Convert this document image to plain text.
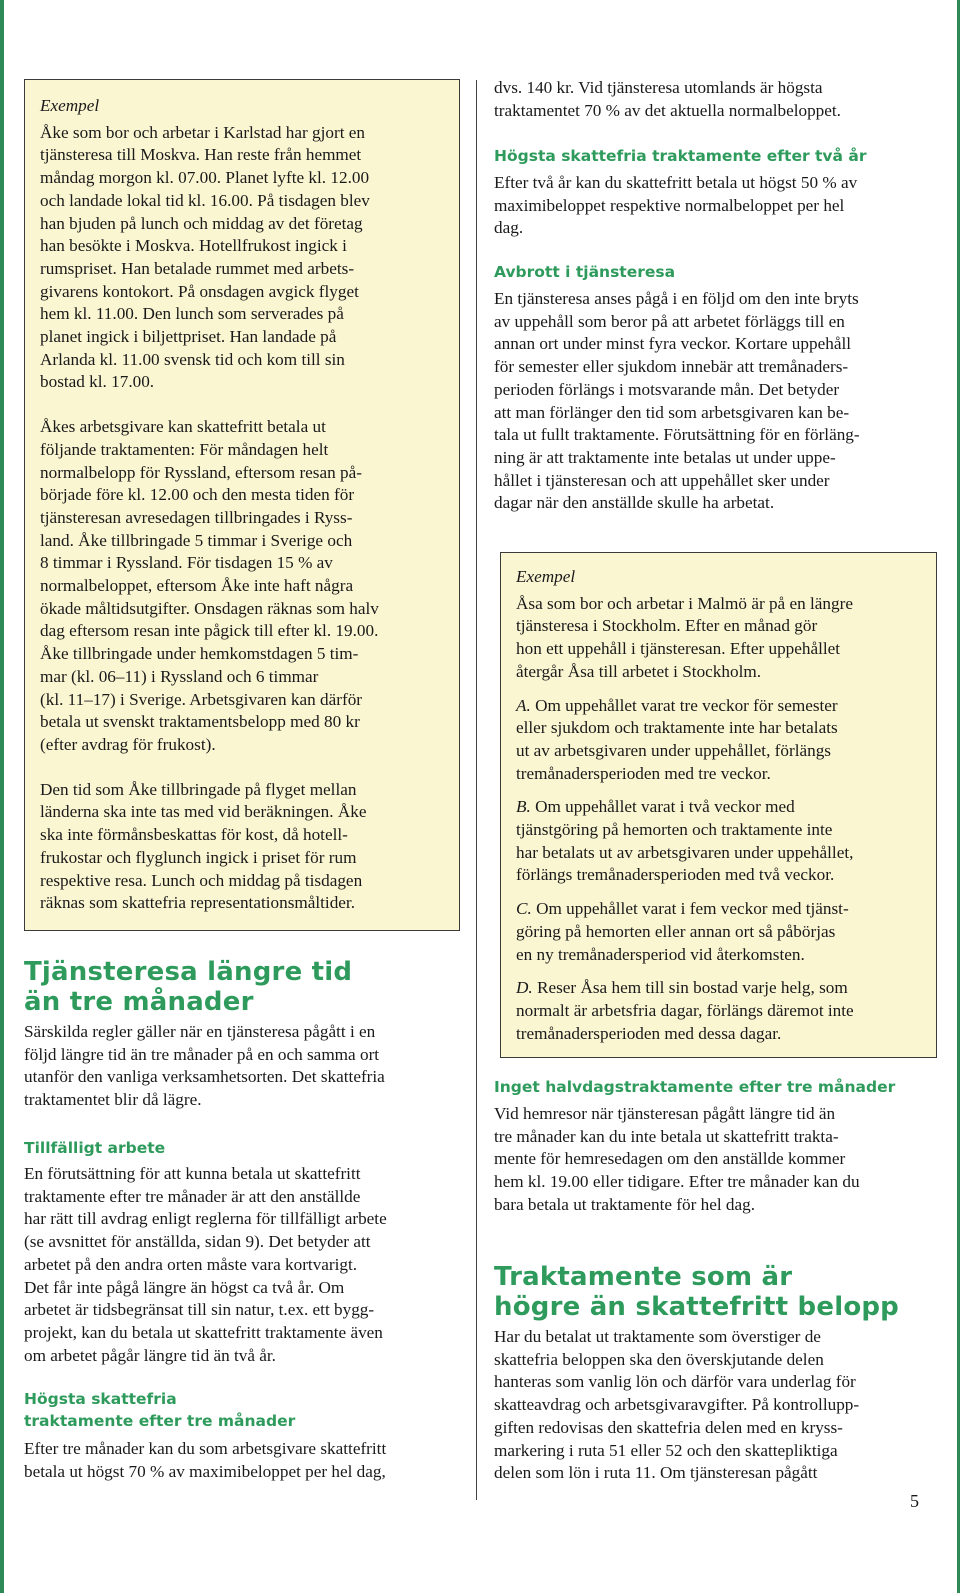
Exempel

Åke som bor och arbetar i Karlstad har gjort en
tjänsteresa till Moskva. Han reste från hemmet
måndag morgon kl. 07.00. Planet lyfte kl. 12.00
och landade lokal tid kl. 16.00. På tisdagen blev
han bjuden på lunch och middag av det företag
han besökte i Moskva. Hotellfrukost ingick i
rumspriset. Han betalade rummet med arbets-
givarens kontokort. På onsdagen avgick flyget
hem kl. 11.00. Den lunch som serverades på
planet ingick i biljettpriset. Han landade på
Arlanda kl. 11.00 svensk tid och kom till sin
bostad kl. 17.00.

Åkes arbetsgivare kan skattefritt betala ut
följande traktamenten: För måndagen helt
normalbelopp för Ryssland, eftersom resan på-
började före kl. 12.00 och den mesta tiden för
tjänsteresan avresedagen tillbringades i Ryss-
land. Åke tillbringade 5 timmar i Sverige och
8 timmar i Ryssland. För tisdagen 15 % av
normalbeloppet, eftersom Åke inte haft några
ökade måltidsutgifter. Onsdagen räknas som halv
dag eftersom resan inte pågick till efter kl. 19.00.
Åke tillbringade under hemkomstdagen 5 tim-
mar (kl. 06–11) i Ryssland och 6 timmar
(kl. 11–17) i Sverige. Arbetsgivaren kan därför
betala ut svenskt traktamentsbelopp med 80 kr
(efter avdrag för frukost).

Den tid som Åke tillbringade på flyget mellan
länderna ska inte tas med vid beräkningen. Åke
ska inte förmånsbeskattas för kost, då hotell-
frukostar och flyglunch ingick i priset för rum
respektive resa. Lunch och middag på tisdagen
räknas som skattefria representationsmåltider.

Tjänsteresa längre tid
än tre månader

Särskilda regler gäller när en tjänsteresa pågått i en
följd längre tid än tre månader på en och samma ort
utanför den vanliga verksamhetsorten. Det skattefria
traktamentet blir då lägre.

Tillfälligt arbete

En förutsättning för att kunna betala ut skattefritt
traktamente efter tre månader är att den anställde
har rätt till avdrag enligt reglerna för tillfälligt arbete
(se avsnittet för anställda, sidan 9). Det betyder att
arbetet på den andra orten måste vara kortvarigt.
Det får inte pågå längre än högst ca två år. Om
arbetet är tidsbegränsat till sin natur, t.ex. ett bygg-
projekt, kan du betala ut skattefritt traktamente även
om arbetet pågår längre tid än två år.

Högsta skattefria
traktamente efter tre månader

Efter tre månader kan du som arbetsgivare skattefritt
betala ut högst 70 % av maximibeloppet per hel dag,

dvs. 140 kr. Vid tjänsteresa utomlands är högsta
traktamentet 70 % av det aktuella normalbeloppet.

Högsta skattefria traktamente efter två år

Efter två år kan du skattefritt betala ut högst 50 % av
maximibeloppet respektive normalbeloppet per hel
dag.

Avbrott i tjänsteresa

En tjänsteresa anses pågå i en följd om den inte bryts
av uppehåll som beror på att arbetet förläggs till en
annan ort under minst fyra veckor. Kortare uppehåll
för semester eller sjukdom innebär att tremånaders-
perioden förlängs i motsvarande mån. Det betyder
att man förlänger den tid som arbetsgivaren kan be-
tala ut fullt traktamente. Förutsättning för en förläng-
ning är att traktamente inte betalas ut under uppe-
hållet i tjänsteresan och att uppehållet sker under
dagar när den anställde skulle ha arbetat.

Exempel

Åsa som bor och arbetar i Malmö är på en längre
tjänsteresa i Stockholm. Efter en månad gör
hon ett uppehåll i tjänsteresan. Efter uppehållet
återgår Åsa till arbetet i Stockholm.

A. Om uppehållet varat tre veckor för semester
eller sjukdom och traktamente inte har betalats
ut av arbetsgivaren under uppehållet, förlängs
tremånadersperioden med tre veckor.

B. Om uppehållet varat i två veckor med
tjänstgöring på hemorten och traktamente inte
har betalats ut av arbetsgivaren under uppehållet,
förlängs tremånadersperioden med två veckor.

C. Om uppehållet varat i fem veckor med tjänst-
göring på hemorten eller annan ort så påbörjas
en ny tremånadersperiod vid återkomsten.

D. Reser Åsa hem till sin bostad varje helg, som
normalt är arbetsfria dagar, förlängs däremot inte
tremånadersperioden med dessa dagar.

Inget halvdagstraktamente efter tre månader

Vid hemresor när tjänsteresan pågått längre tid än
tre månader kan du inte betala ut skattefritt trakta-
mente för hemresedagen om den anställde kommer
hem kl. 19.00 eller tidigare. Efter tre månader kan du
bara betala ut traktamente för hel dag.

Traktamente som är
högre än skattefritt belopp

Har du betalat ut traktamente som överstiger de
skattefria beloppen ska den överskjutande delen
hanteras som vanlig lön och därför vara underlag för
skatteavdrag och arbetsgivaravgifter. På kontrollupp-
giften redovisas den skattefria delen med en kryss-
markering i ruta 51 eller 52 och den skattepliktiga
delen som lön i ruta 11. Om tjänsteresan pågått

5
